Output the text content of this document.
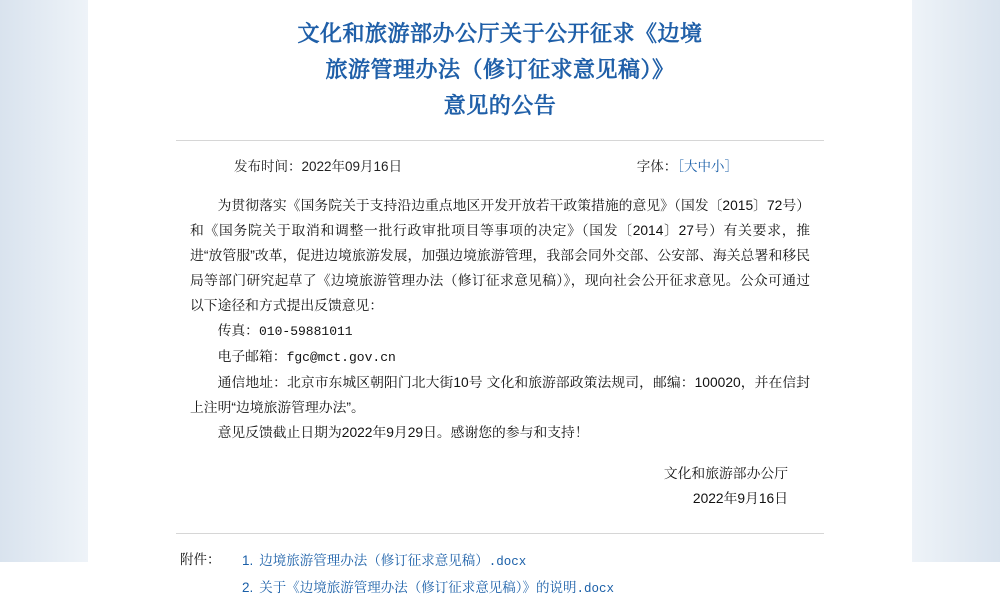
文化和旅游部办公厅关于公开征求《边境
旅游管理办法（修订征求意见稿）》
意见的公告
发布时间：2022年09月16日	字体：［大中小］

为贯彻落实《国务院关于支持沿边重点地区开发开放若干政策措施的意见》（国发〔2015〕72号）和《国务院关于取消和调整一批行政审批项目等事项的决定》（国发〔2014〕27号）有关要求，推进“放管服”改革，促进边境旅游发展，加强边境旅游管理，我部会同外交部、公安部、海关总署和移民局等部门研究起草了《边境旅游管理办法（修订征求意见稿）》，现向社会公开征求意见。公众可通过以下途径和方式提出反馈意见：

传真：010-59881011

电子邮箱：fgc@mct.gov.cn

通信地址：北京市东城区朝阳门北大街10号 文化和旅游部政策法规司，邮编：100020，并在信封上注明“边境旅游管理办法”。

意见反馈截止日期为2022年9月29日。感谢您的参与和支持！

文化和旅游部办公厅
2022年9月16日
附件：	1. 边境旅游管理办法（修订征求意见稿）.docx
2. 关于《边境旅游管理办法（修订征求意见稿）》的说明.docx
